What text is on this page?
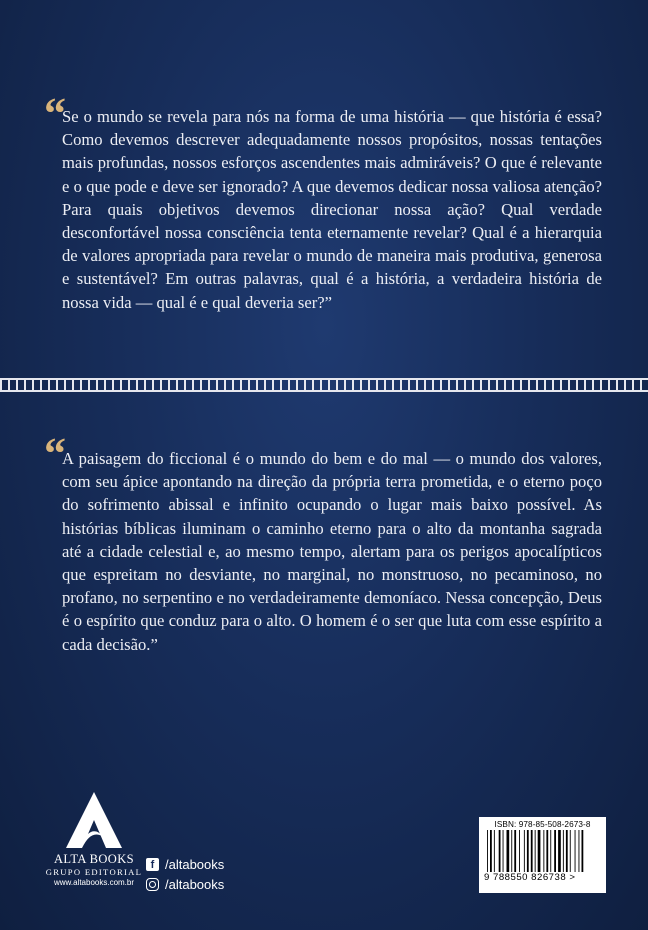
“

Se o mundo se revela para nós na forma de uma história — que história é essa? Como devemos descrever adequadamente nossos propósitos, nossas tentações mais profundas, nossos esforços ascendentes mais admiráveis? O que é relevante e o que pode e deve ser ignorado? A que devemos dedicar nossa valiosa atenção? Para quais objetivos devemos direcionar nossa ação? Qual verdade desconfortável nossa consciência tenta eternamente revelar? Qual é a hierarquia de valores apropriada para revelar o mundo de maneira mais produtiva, generosa e sustentável? Em outras palavras, qual é a história, a verdadeira história de nossa vida — qual é e qual deveria ser?”

“

A paisagem do ficcional é o mundo do bem e do mal — o mundo dos valores, com seu ápice apontando na direção da própria terra prometida, e o eterno poço do sofrimento abissal e infinito ocupando o lugar mais baixo possível. As histórias bíblicas iluminam o caminho eterno para o alto da montanha sagrada até a cidade celestial e, ao mesmo tempo, alertam para os perigos apocalípticos que espreitam no desviante, no marginal, no monstruoso, no pecaminoso, no profano, no serpentino e no verdadeiramente demoníaco. Nessa concepção, Deus é o espírito que conduz para o alto. O homem é o ser que luta com esse espírito a cada decisão.”

ALTA BOOKS
GRUPO EDITORIAL
www.altabooks.com.br
f /altabooks
/altabooks
ISBN: 978-85-508-2673-8
9 788550 826738 >
